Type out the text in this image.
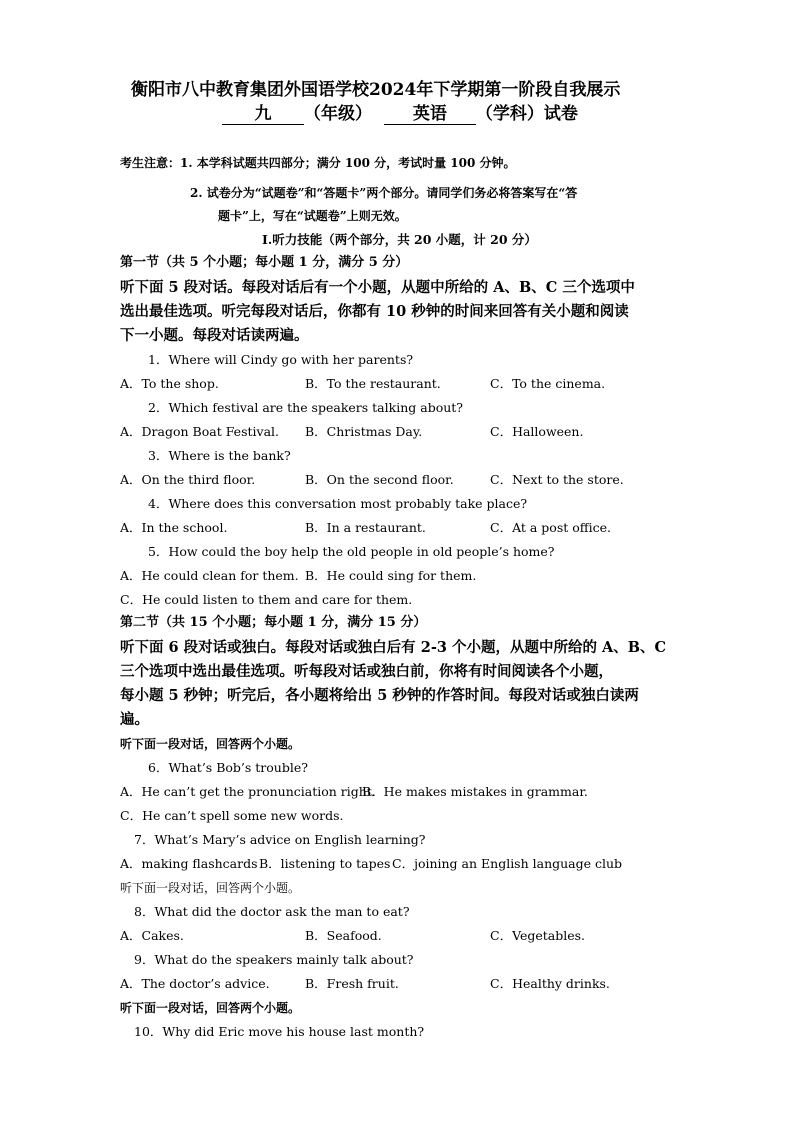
衡阳市八中教育集团外国语学校2024年下学期第一阶段自我展示
九 （年级） 英语 （学科）试卷
考生注意：1. 本学科试题共四部分；满分 100 分，考试时量 100 分钟。
2. 试卷分为“试题卷”和“答题卡”两个部分。请同学们务必将答案写在“答
题卡”上，写在“试题卷”上则无效。
I.听力技能（两个部分，共 20 小题，计 20 分）
第一节（共 5 个小题；每小题 1 分，满分 5 分）
听下面 5 段对话。每段对话后有一个小题，从题中所给的 A、B、C 三个选项中
选出最佳选项。听完每段对话后，你都有 10 秒钟的时间来回答有关小题和阅读
下一小题。每段对话读两遍。
1．Where will Cindy go with her parents?
A．To the shop.	B．To the restaurant.	C．To the cinema.
2．Which festival are the speakers talking about?
A．Dragon Boat Festival. B．Christmas Day.	C．Halloween.
3．Where is the bank?
A．On the third floor.	B．On the second floor.	C．Next to the store.
4．Where does this conversation most probably take place?
A．In the school.	B．In a restaurant.	C．At a post office.
5．How could the boy help the old people in old people’s home?
A．He could clean for them. B．He could sing for them.
C．He could listen to them and care for them.
第二节（共 15 个小题；每小题 1 分，满分 15 分）
听下面 6 段对话或独白。每段对话或独白后有 2-3 个小题，从题中所给的 A、B、C
三个选项中选出最佳选项。听每段对话或独白前，你将有时间阅读各个小题，
每小题 5 秒钟；听完后，各小题将给出 5 秒钟的作答时间。每段对话或独白读两
遍。
听下面一段对话，回答两个小题。
6．What’s Bob’s trouble?
A．He can’t get the pronunciation right.
B．He makes mistakes in grammar.
C．He can’t spell some new words.
7．What’s Mary’s advice on English learning?
A．making flashcards B．listening to tapes C．joining an English language club
听下面一段对话，回答两个小题。
8．What did the doctor ask the man to eat?
A．Cakes.	B．Seafood.	C．Vegetables.
9．What do the speakers mainly talk about?
A．The doctor’s advice.	B．Fresh fruit.	C．Healthy drinks.
听下面一段对话，回答两个小题。
10．Why did Eric move his house last month?
